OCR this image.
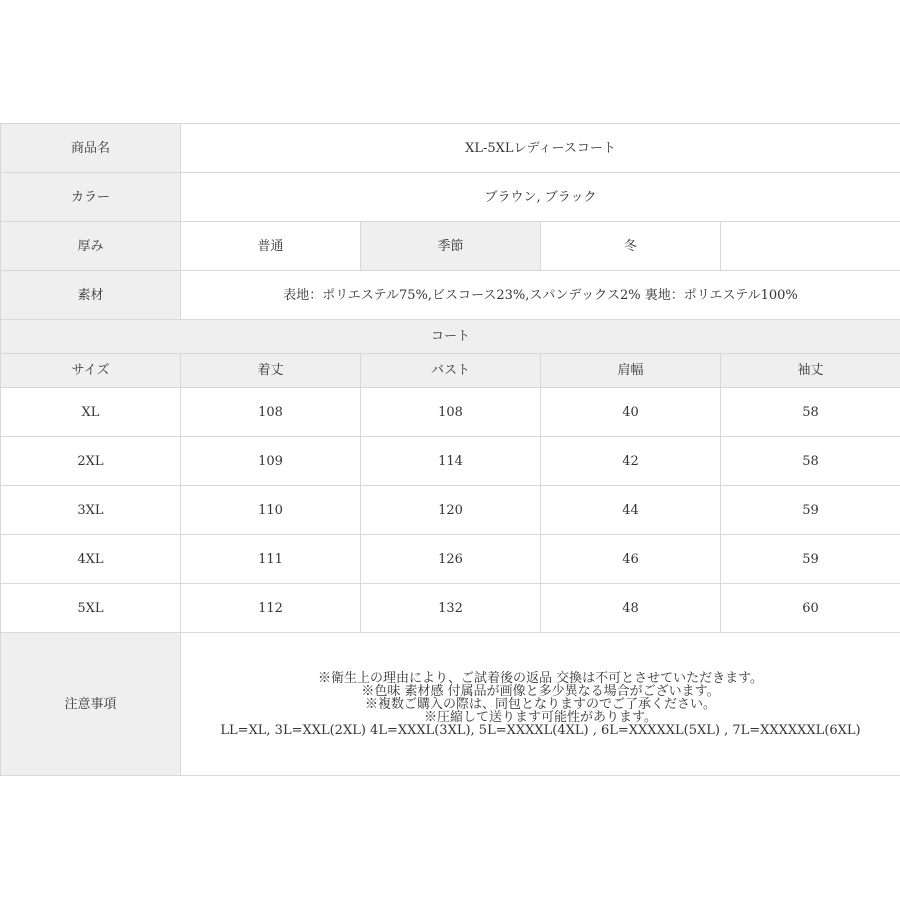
商品名	XL-5XLレディースコート			
カラー	ブラウン, ブラック			
厚み	普通	季節	冬	
素材	表地：ポリエステル75%,ビスコース23%,スパンデックス2% 裏地：ポリエステル100%			
コート				
サイズ	着丈	バスト	肩幅	袖丈
XL	108	108	40	58
2XL	109	114	42	58
3XL	110	120	44	59
4XL	111	126	46	59
5XL	112	132	48	60
注意事項	※衛生上の理由により、ご試着後の返品 交換は不可とさせていただきます。
※色味 素材感 付属品が画像と多少異なる場合がございます。
※複数ご購入の際は、同包となりますのでご了承ください。
※圧縮して送ります可能性があります。
LL=XL, 3L=XXL(2XL) 4L=XXXL(3XL), 5L=XXXXL(4XL) , 6L=XXXXXL(5XL) , 7L=XXXXXXL(6XL)			
